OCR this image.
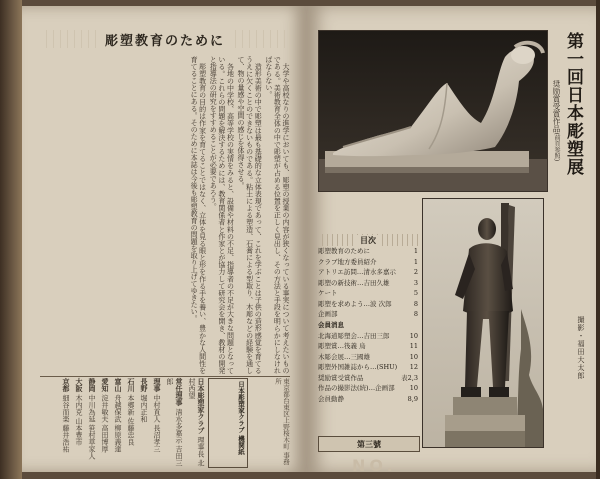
彫塑教育のために

大学や高校なりの進学においても、彫塑の授業の内容が狭くなっている事実について考えたいものである。美術教育全体の中で彫塑が占める位置を正しく見出し、その方法と手段を明らかにしなければならない。

造形美術の中で彫塑は最も基礎的な立体表現であって、これを学ぶことは子供の造形感覚を育てるうえに欠くことのできないものである。粘土による塑造、石膏による型取り、木彫などの経験を通して、物の量感や空間の感じを体得させる。

各地の中学校、高等学校の実情をみると、設備や材料の不足、指導者の不足が大きな問題となっている。これらの問題を解決するためには、教育関係者と作家とが協力して研究会を開き、教材の開発と指導法の研究をすすめることが必要であろう。

彫塑教育の目的は作家を育てることではなく、立体を見る眼と形を作る手を養い、豊かな人間性を育てることにある。そのために本誌は今後も彫塑教育の問題を取り上げてゆきたい。

東京都台東区上野桜木町 事務所
日本彫塑家クラブ 機関紙
日本彫塑家クラブ 理事長 北村西望
常任理事 清水多嘉示 吉田三郎
理事 中村直人 長沼孝三
長野 堀内正和
石川 本郷新 佐藤忠良
富山 舟越保武 柳原義達
愛知 淀井敏夫 高田博厚
静岡 中川為延 笹村草家人
大阪 木内克 山本豊市
京都 細谷而楽 藤井浩祐
第一回日本彫塑展
奨励賞受賞作品(前頁参照)
撮影・福田大太郎
目次
彫塑教育のために	1
クラブ地方委員紹介	1
アトリエ訪問…清水多嘉示	2
彫塑の新技術…吉田久雄	3
ケート	5
彫塑を求めよう…波 次郎	8
企画部	8
会員消息
北海道彫塑会…吉田三郎	10
彫塑賞…筏義 烏	11
木彫会展…三國雄	10
彫塑外国雑誌から…(SHU)	12
奨励賞受賞作品	表2,3
作品の撮影法(続)…企画部	10
会員動静	8,9
第三號
NO.
